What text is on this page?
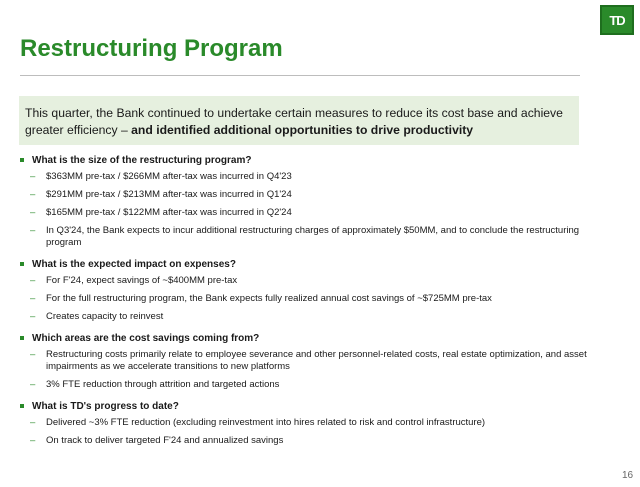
TD
Restructuring Program
This quarter, the Bank continued to undertake certain measures to reduce its cost base and achieve greater efficiency – and identified additional opportunities to drive productivity
What is the size of the restructuring program?
–	$363MM pre-tax / $266MM after-tax was incurred in Q4'23
–	$291MM pre-tax / $213MM after-tax was incurred in Q1'24
–	$165MM pre-tax / $122MM after-tax was incurred in Q2'24
–	In Q3'24, the Bank expects to incur additional restructuring charges of approximately $50MM, and to conclude the restructuring program
What is the expected impact on expenses?
–	For F'24, expect savings of ~$400MM pre-tax
–	For the full restructuring program, the Bank expects fully realized annual cost savings of ~$725MM pre-tax
–	Creates capacity to reinvest
Which areas are the cost savings coming from?
–	Restructuring costs primarily relate to employee severance and other personnel-related costs, real estate optimization, and asset impairments as we accelerate transitions to new platforms
–	3% FTE reduction through attrition and targeted actions
What is TD's progress to date?
–	Delivered ~3% FTE reduction (excluding reinvestment into hires related to risk and control infrastructure)
–	On track to deliver targeted F'24 and annualized savings
16
